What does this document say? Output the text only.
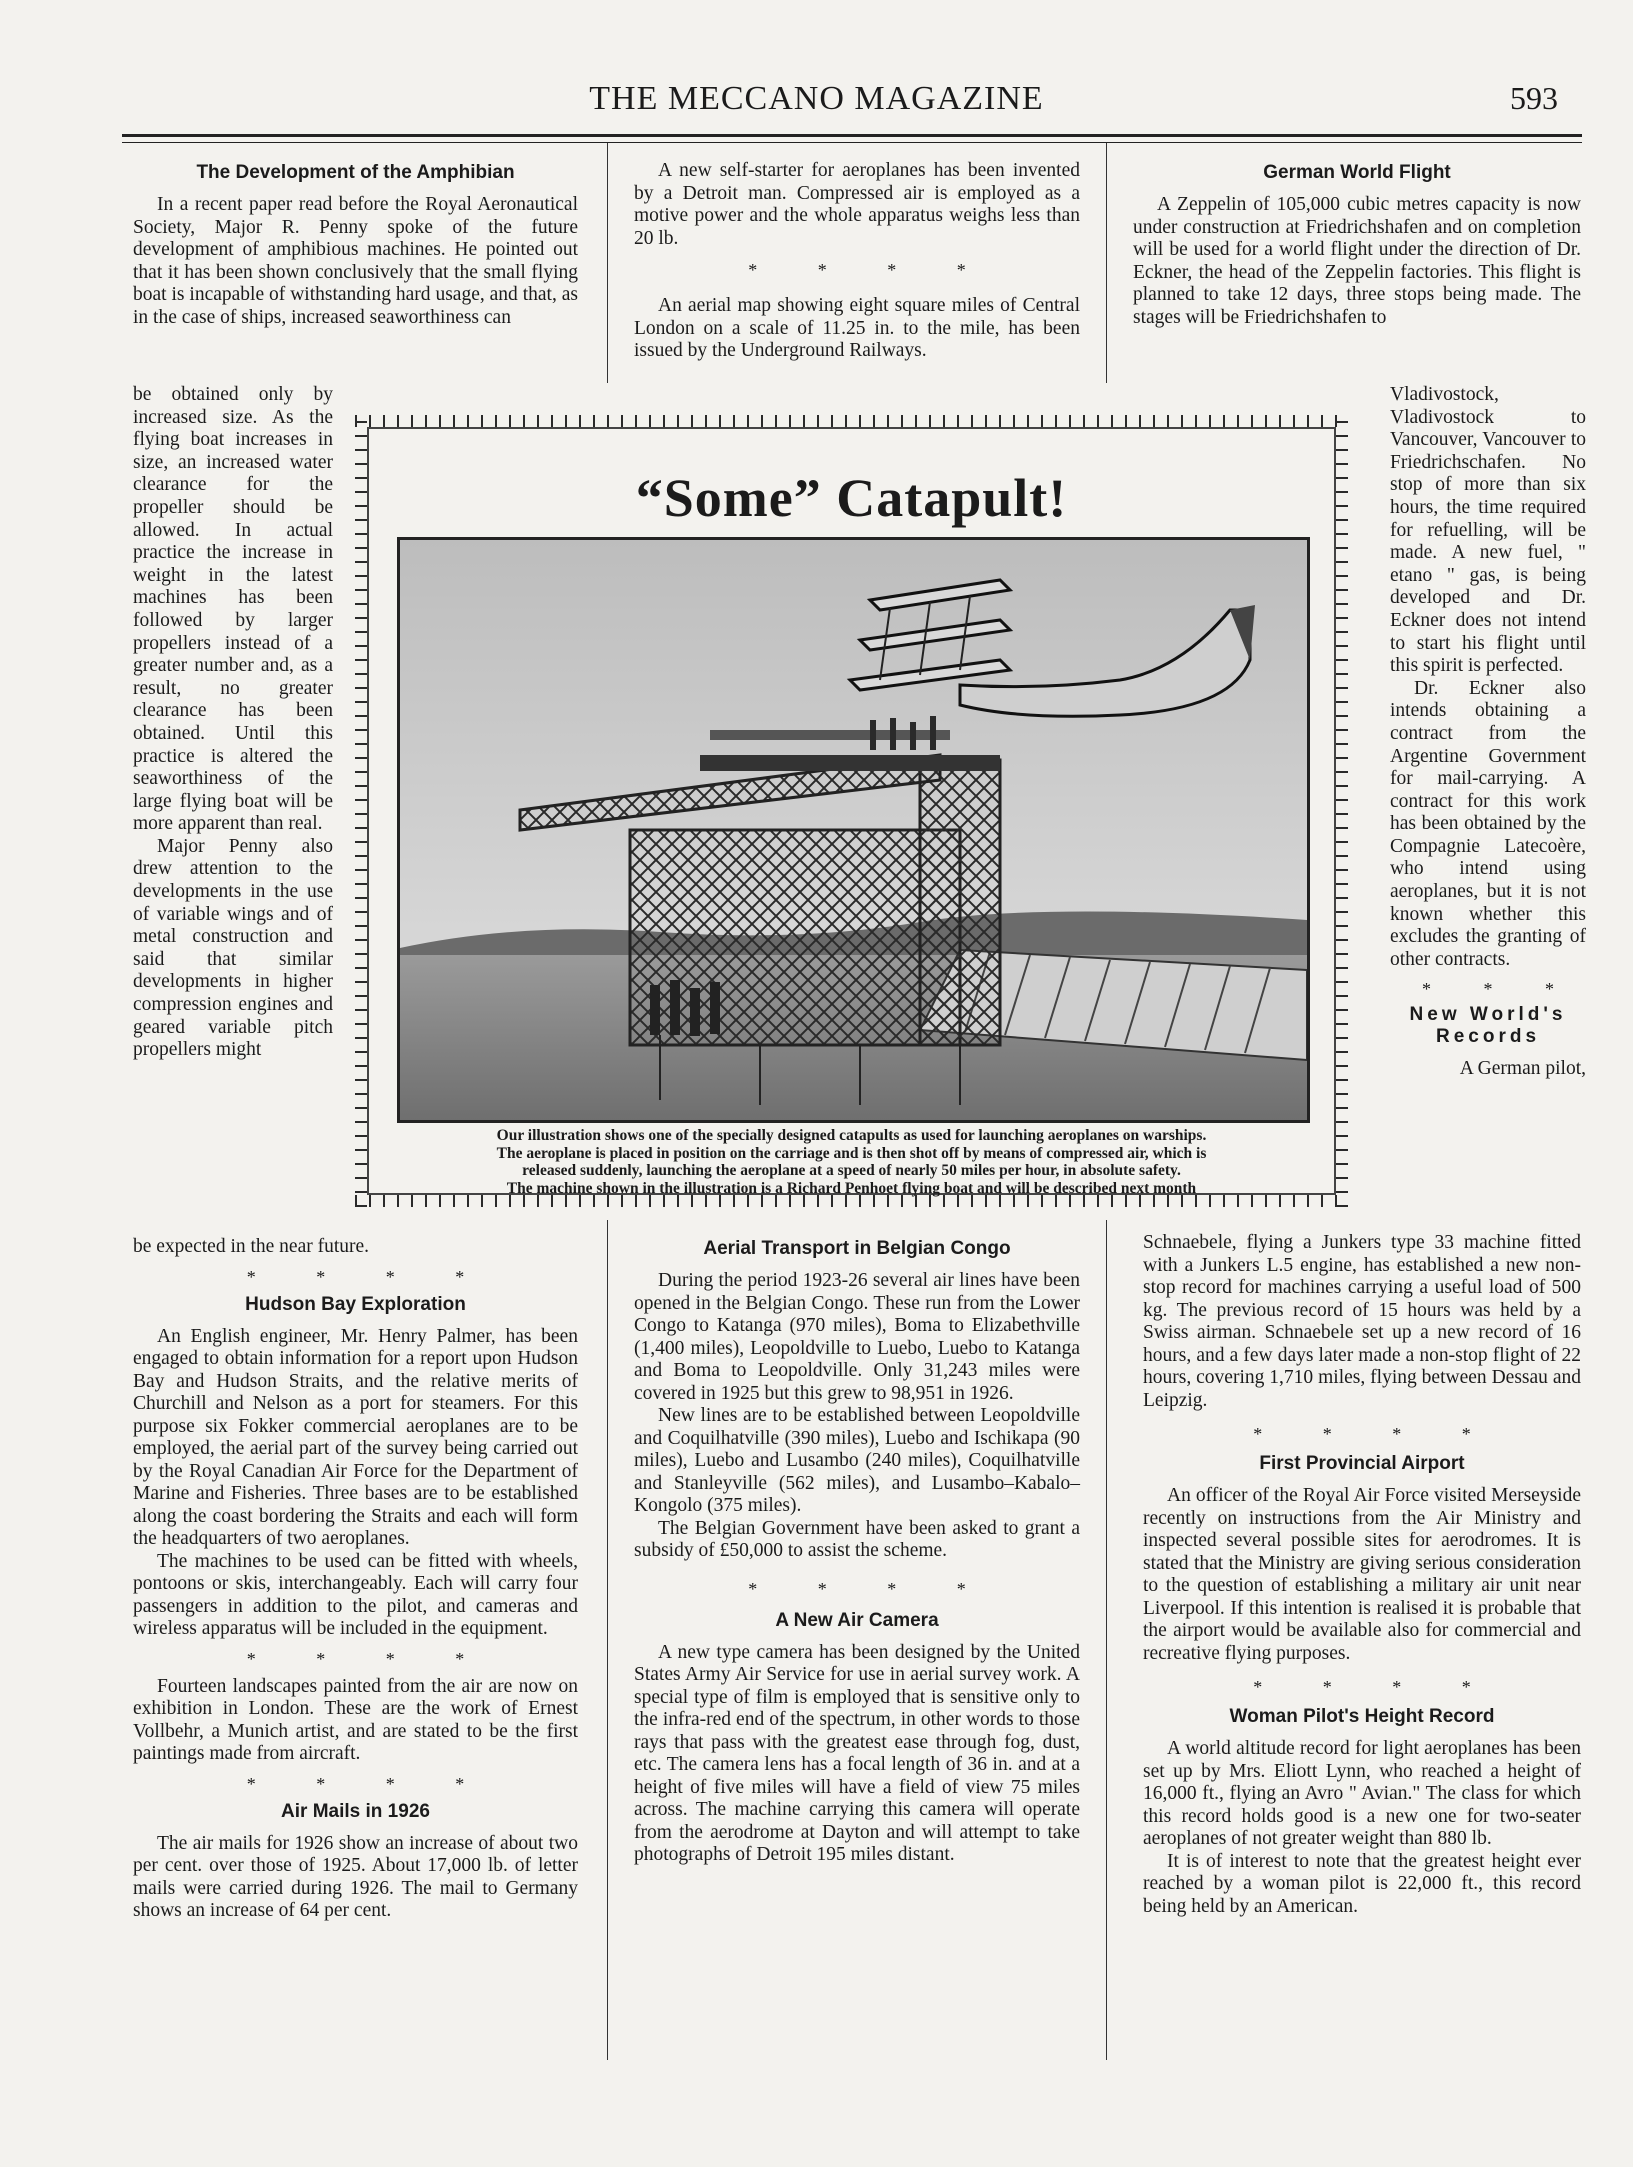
THE MECCANO MAGAZINE	593
The Development of the Amphibian

In a recent paper read before the Royal Aeronautical Society, Major R. Penny spoke of the future development of amphibious machines. He pointed out that it has been shown conclusively that the small flying boat is incapable of withstanding hard usage, and that, as in the case of ships, increased seaworthiness can

be obtained only by increased size. As the flying boat increases in size, an increased water clearance for the propeller should be allowed. In actual practice the increase in weight in the latest machines has been followed by larger propellers instead of a greater number and, as a result, no greater clearance has been obtained. Until this practice is altered the seaworthiness of the large flying boat will be more apparent than real.

Major Penny also drew attention to the developments in the use of variable wings and of metal construction and said that similar developments in higher compression engines and geared variable pitch propellers might

be expected in the near future.

* * * *
Hudson Bay Exploration

An English engineer, Mr. Henry Palmer, has been engaged to obtain information for a report upon Hudson Bay and Hudson Straits, and the relative merits of Churchill and Nelson as a port for steamers. For this purpose six Fokker commercial aeroplanes are to be employed, the aerial part of the survey being carried out by the Royal Canadian Air Force for the Department of Marine and Fisheries. Three bases are to be established along the coast bordering the Straits and each will form the headquarters of two aeroplanes.

The machines to be used can be fitted with wheels, pontoons or skis, interchangeably. Each will carry four passengers in addition to the pilot, and cameras and wireless apparatus will be included in the equipment.

* * * *

Fourteen landscapes painted from the air are now on exhibition in London. These are the work of Ernest Vollbehr, a Munich artist, and are stated to be the first paintings made from aircraft.

* * * *
Air Mails in 1926

The air mails for 1926 show an increase of about two per cent. over those of 1925. About 17,000 lb. of letter mails were carried during 1926. The mail to Germany shows an increase of 64 per cent.

A new self-starter for aeroplanes has been invented by a Detroit man. Compressed air is employed as a motive power and the whole apparatus weighs less than 20 lb.

* * * *

An aerial map showing eight square miles of Central London on a scale of 11.25 in. to the mile, has been issued by the Underground Railways.

Aerial Transport in Belgian Congo

During the period 1923-26 several air lines have been opened in the Belgian Congo. These run from the Lower Congo to Katanga (970 miles), Boma to Elizabethville (1,400 miles), Leopoldville to Luebo, Luebo to Katanga and Boma to Leopoldville. Only 31,243 miles were covered in 1925 but this grew to 98,951 in 1926.

New lines are to be established between Leopoldville and Coquilhatville (390 miles), Luebo and Ischikapa (90 miles), Luebo and Lusambo (240 miles), Coquilhatville and Stanleyville (562 miles), and Lusambo–Kabalo–Kongolo (375 miles).

The Belgian Government have been asked to grant a subsidy of £50,000 to assist the scheme.

* * * *
A New Air Camera

A new type camera has been designed by the United States Army Air Service for use in aerial survey work. A special type of film is employed that is sensitive only to the infra-red end of the spectrum, in other words to those rays that pass with the greatest ease through fog, dust, etc. The camera lens has a focal length of 36 in. and at a height of five miles will have a field of view 75 miles across. The machine carrying this camera will operate from the aerodrome at Dayton and will attempt to take photographs of Detroit 195 miles distant.

German World Flight

A Zeppelin of 105,000 cubic metres capacity is now under construction at Friedrichshafen and on completion will be used for a world flight under the direction of Dr. Eckner, the head of the Zeppelin factories. This flight is planned to take 12 days, three stops being made. The stages will be Friedrichshafen to

Vladivostock, Vladivostock to Vancouver, Vancouver to Friedrichschafen. No stop of more than six hours, the time required for refuelling, will be made. A new fuel, " etano " gas, is being developed and Dr. Eckner does not intend to start his flight until this spirit is perfected.

Dr. Eckner also intends obtaining a contract from the Argentine Government for mail-carrying. A contract for this work has been obtained by the Compagnie Latecoère, who intend using aeroplanes, but it is not known whether this excludes the granting of other contracts.

* * *
New World's Records

A German pilot,

Schnaebele, flying a Junkers type 33 machine fitted with a Junkers L.5 engine, has established a new non-stop record for machines carrying a useful load of 500 kg. The previous record of 15 hours was held by a Swiss airman. Schnaebele set up a new record of 16 hours, and a few days later made a non-stop flight of 22 hours, covering 1,710 miles, flying between Dessau and Leipzig.

* * * *
First Provincial Airport

An officer of the Royal Air Force visited Merseyside recently on instructions from the Air Ministry and inspected several possible sites for aerodromes. It is stated that the Ministry are giving serious consideration to the question of establishing a military air unit near Liverpool. If this intention is realised it is probable that the airport would be available also for commercial and recreative flying purposes.

* * * *
Woman Pilot's Height Record

A world altitude record for light aeroplanes has been set up by Mrs. Eliott Lynn, who reached a height of 16,000 ft., flying an Avro " Avian." The class for which this record holds good is a new one for two-seater aeroplanes of not greater weight than 880 lb.

It is of interest to note that the greatest height ever reached by a woman pilot is 22,000 ft., this record being held by an American.

“Some” Catapult!
Our illustration shows one of the specially designed catapults as used for launching aeroplanes on warships.
The aeroplane is placed in position on the carriage and is then shot off by means of compressed air, which is
released suddenly, launching the aeroplane at a speed of nearly 50 miles per hour, in absolute safety.
The machine shown in the illustration is a Richard Penhoet flying boat and will be described next month
